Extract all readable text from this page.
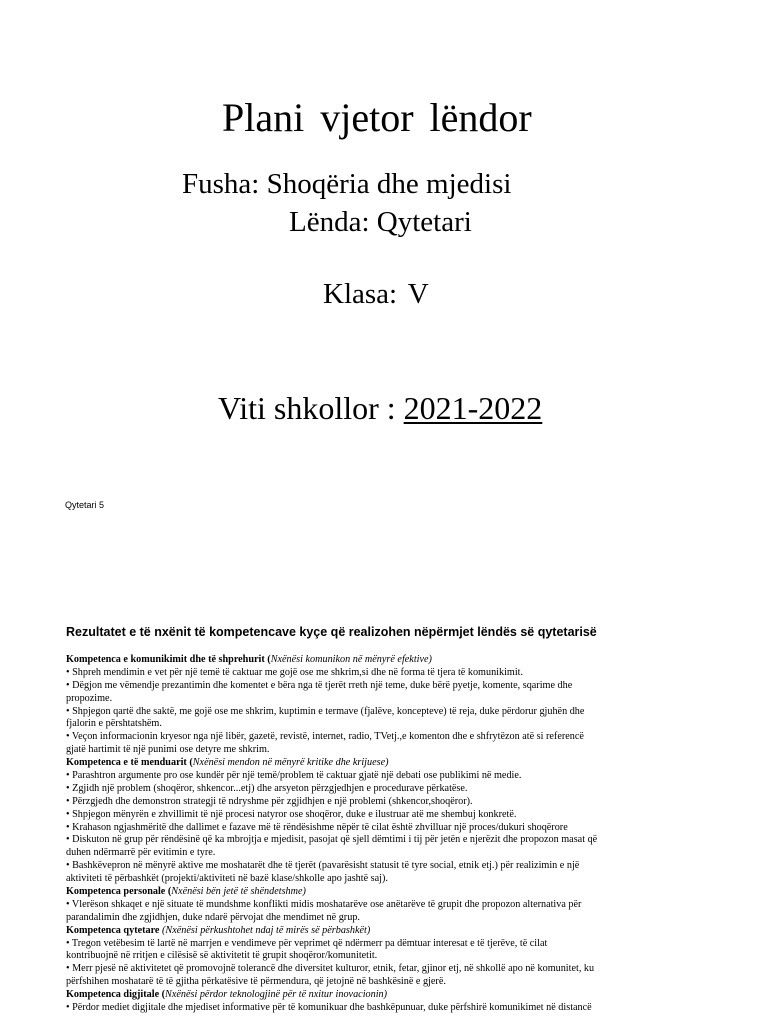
Plani vjetor lëndor
Fusha: Shoqëria dhe mjedisi
Lënda: Qytetari
Klasa: V
Viti shkollor : 2021-2022
Qytetari 5
Rezultatet e të nxënit të kompetencave kyçe që realizohen nëpërmjet lëndës së qytetarisë
Kompetenca e komunikimit dhe të shprehurit (Nxënësi komunikon në mënyrë efektive)
• Shpreh mendimin e vet për një temë të caktuar me gojë ose me shkrim,si dhe në forma të tjera të komunikimit.
• Dëgjon me vëmendje prezantimin dhe komentet e bëra nga të tjerët rreth një teme, duke bërë pyetje, komente, sqarime dhe
propozime.
• Shpjegon qartë dhe saktë, me gojë ose me shkrim, kuptimin e termave (fjalëve, koncepteve) të reja, duke përdorur gjuhën dhe
fjalorin e përshtatshëm.
• Veçon informacionin kryesor nga një libër, gazetë, revistë, internet, radio, TVetj.,e komenton dhe e shfrytëzon atë si referencë
gjatë hartimit të një punimi ose detyre me shkrim.
Kompetenca e të menduarit (Nxënësi mendon në mënyrë kritike dhe krijuese)
• Parashtron argumente pro ose kundër për një temë/problem të caktuar gjatë një debati ose publikimi në medie.
• Zgjidh një problem (shoqëror, shkencor...etj) dhe arsyeton përzgjedhjen e procedurave përkatëse.
• Përzgjedh dhe demonstron strategji të ndryshme për zgjidhjen e një problemi (shkencor,shoqëror).
• Shpjegon mënyrën e zhvillimit të një procesi natyror ose shoqëror, duke e ilustruar atë me shembuj konkretë.
• Krahason ngjashmëritë dhe dallimet e fazave më të rëndësishme nëpër të cilat është zhvilluar një proces/dukuri shoqërore
• Diskuton në grup për rëndësinë që ka mbrojtja e mjedisit, pasojat që sjell dëmtimi i tij për jetën e njerëzit dhe propozon masat që
duhen ndërmarrë për evitimin e tyre.
• Bashkëvepron në mënyrë aktive me moshatarët dhe të tjerët (pavarësisht statusit të tyre social, etnik etj.) për realizimin e një
aktiviteti të përbashkët (projekti/aktiviteti në bazë klase/shkolle apo jashtë saj).
Kompetenca personale (Nxënësi bën jetë të shëndetshme)
• Vlerëson shkaqet e një situate të mundshme konflikti midis moshatarëve ose anëtarëve të grupit dhe propozon alternativa për
parandalimin dhe zgjidhjen, duke ndarë përvojat dhe mendimet në grup.
Kompetenca qytetare (Nxënësi përkushtohet ndaj të mirës së përbashkët)
• Tregon vetëbesim të lartë në marrjen e vendimeve për veprimet që ndërmerr pa dëmtuar interesat e të tjerëve, të cilat
kontribuojnë në rritjen e cilësisë së aktivitetit të grupit shoqëror/komunitetit.
• Merr pjesë në aktivitetet që promovojnë tolerancë dhe diversitet kulturor, etnik, fetar, gjinor etj, në shkollë apo në komunitet, ku
përfshihen moshatarë të të gjitha përkatësive të përmendura, që jetojnë në bashkësinë e gjerë.
Kompetenca digjitale (Nxënësi përdor teknologjinë për të nxitur inovacionin)
• Përdor mediet digjitale dhe mjediset informative për të komunikuar dhe bashkëpunuar, duke përfshirë komunikimet në distancë
